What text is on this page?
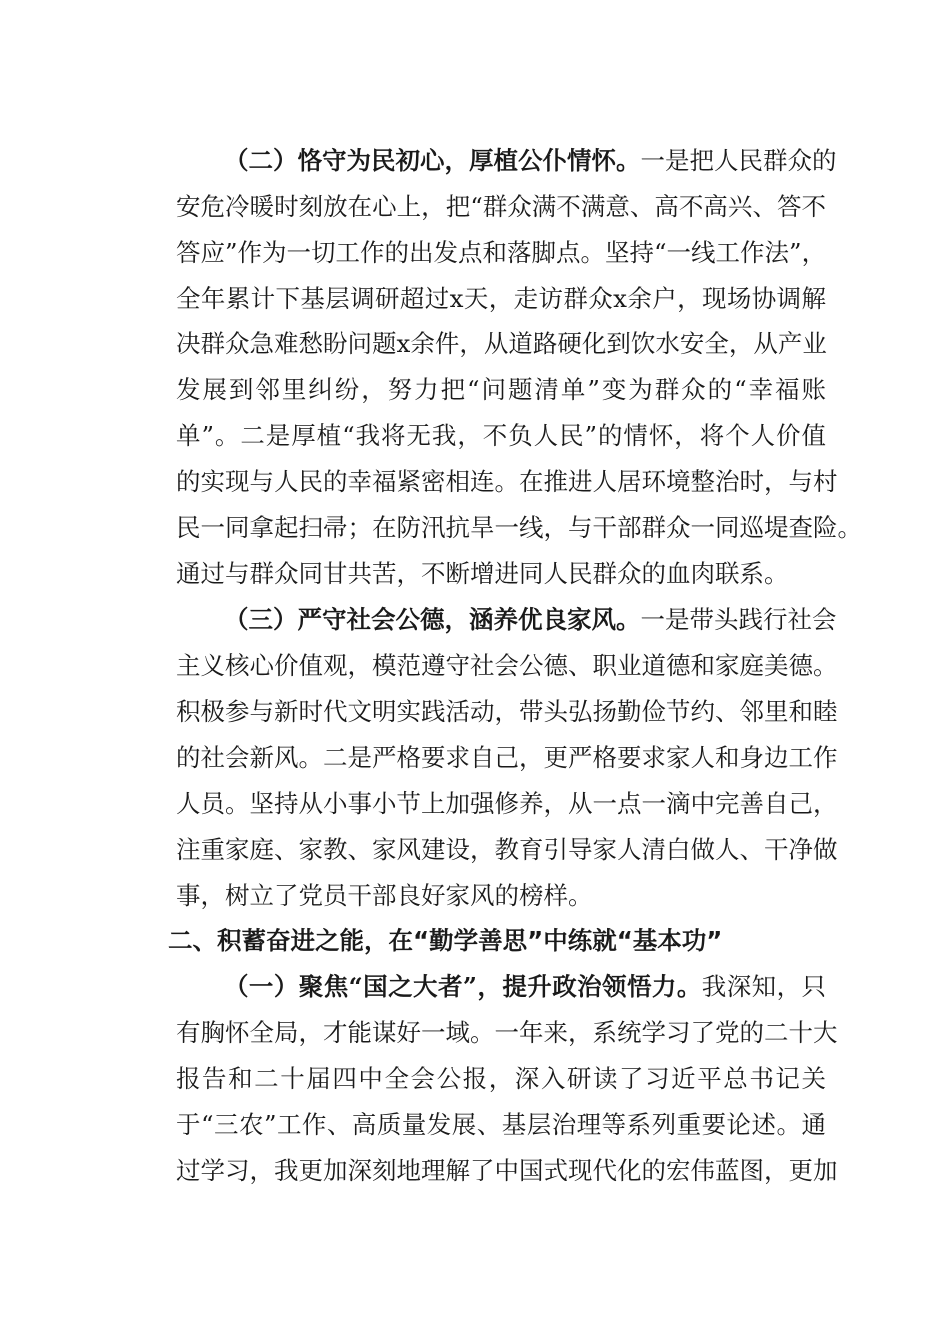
（二）恪守为民初心，厚植公仆情怀。一是把人民群众的
安危冷暖时刻放在心上，把“群众满不满意、高不高兴、答不
答应”作为一切工作的出发点和落脚点。坚持“一线工作法”，
全年累计下基层调研超过x天，走访群众x余户，现场协调解
决群众急难愁盼问题x余件，从道路硬化到饮水安全，从产业
发展到邻里纠纷，努力把“问题清单”变为群众的“幸福账
单”。二是厚植“我将无我，不负人民”的情怀，将个人价值
的实现与人民的幸福紧密相连。在推进人居环境整治时，与村
民一同拿起扫帚；在防汛抗旱一线，与干部群众一同巡堤查险。
通过与群众同甘共苦，不断增进同人民群众的血肉联系。
（三）严守社会公德，涵养优良家风。一是带头践行社会
主义核心价值观，模范遵守社会公德、职业道德和家庭美德。
积极参与新时代文明实践活动，带头弘扬勤俭节约、邻里和睦
的社会新风。二是严格要求自己，更严格要求家人和身边工作
人员。坚持从小事小节上加强修养，从一点一滴中完善自己，
注重家庭、家教、家风建设，教育引导家人清白做人、干净做
事，树立了党员干部良好家风的榜样。
二、积蓄奋进之能，在“勤学善思”中练就“基本功”
（一）聚焦“国之大者”，提升政治领悟力。我深知，只
有胸怀全局，才能谋好一域。一年来，系统学习了党的二十大
报告和二十届四中全会公报，深入研读了习近平总书记关
于“三农”工作、高质量发展、基层治理等系列重要论述。通
过学习，我更加深刻地理解了中国式现代化的宏伟蓝图，更加
